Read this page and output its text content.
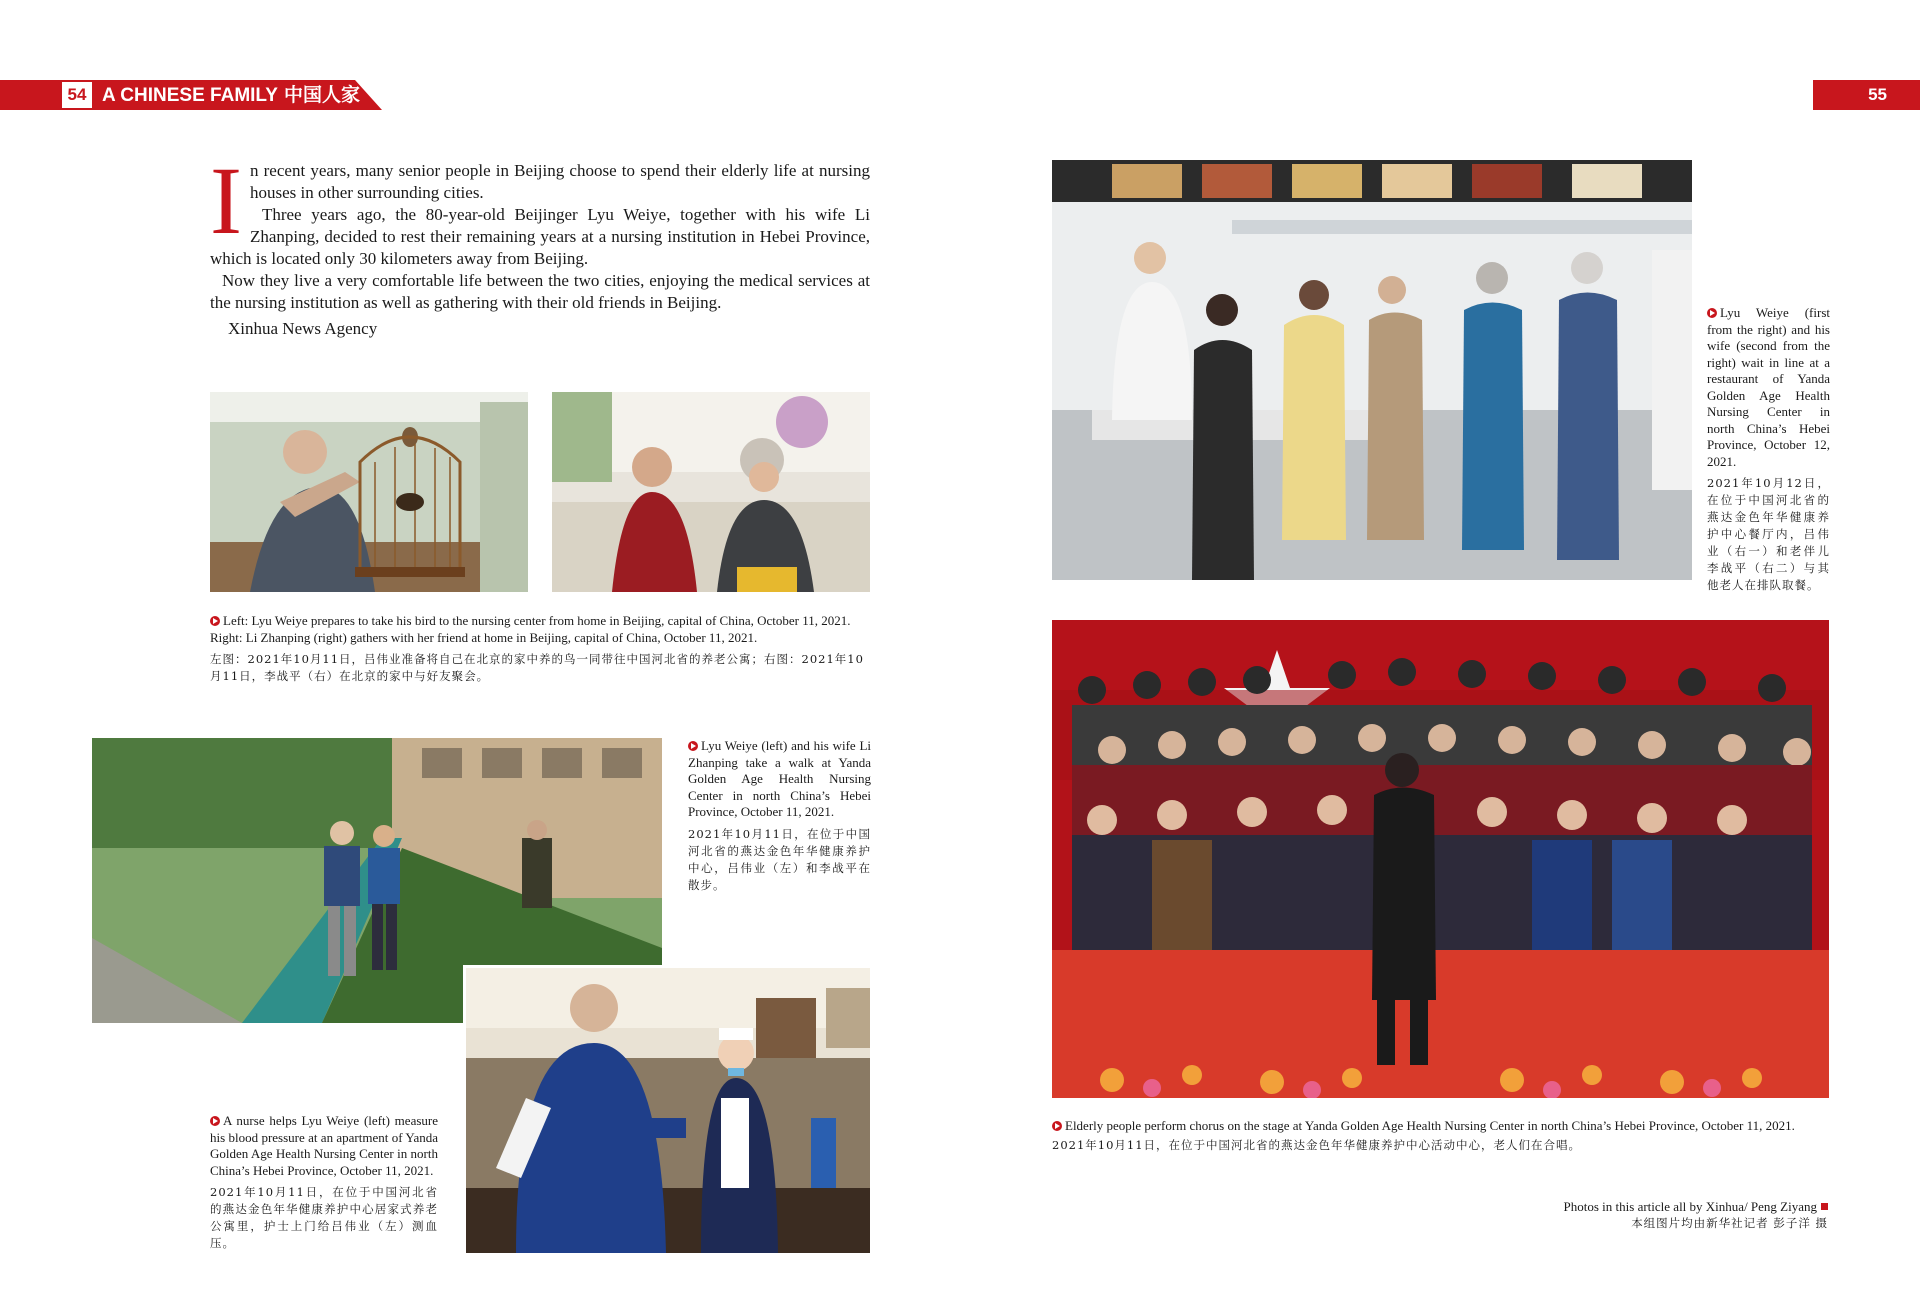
54 A CHINESE FAMILY 中国人家	55
I n recent years, many senior people in Beijing choose to spend their elderly life at nursing houses in other surrounding cities.

Three years ago, the 80-year-old Beijinger Lyu Weiye, together with his wife Li Zhanping, decided to rest their remaining years at a nursing institution in Hebei Province, which is located only 30 kilometers away from Beijing.

Now they live a very comfortable life between the two cities, enjoying the medical services at the nursing institution as well as gathering with their old friends in Beijing.

Xinhua News Agency

Left: Lyu Weiye prepares to take his bird to the nursing center from home in Beijing, capital of China, October 11, 2021.
Right: Li Zhanping (right) gathers with her friend at home in Beijing, capital of China, October 11, 2021.
左图：2021年10月11日，吕伟业准备将自己在北京的家中养的鸟一同带往中国河北省的养老公寓；右图：2021年10月11日，李战平（右）在北京的家中与好友聚会。
Lyu Weiye (left) and his wife Li Zhanping take a walk at Yanda Golden Age Health Nursing Center in north China’s Hebei Province, October 11, 2021.
2021年10月11日，在位于中国河北省的燕达金色年华健康养护中心，吕伟业（左）和李战平在散步。
A nurse helps Lyu Weiye (left) measure his blood pressure at an apartment of Yanda Golden Age Health Nursing Center in north China’s Hebei Province, October 11, 2021.
2021年10月11日，在位于中国河北省的燕达金色年华健康养护中心居家式养老公寓里，护士上门给吕伟业（左）测血压。
Lyu Weiye (first from the right) and his wife (second from the right) wait in line at a restaurant of Yanda Golden Age Health Nursing Center in north China’s Hebei Province, October 12, 2021.
2021年10月12日，在位于中国河北省的燕达金色年华健康养护中心餐厅内，吕伟业（右一）和老伴儿李战平（右二）与其他老人在排队取餐。
Elderly people perform chorus on the stage at Yanda Golden Age Health Nursing Center in north China’s Hebei Province, October 11, 2021.
2021年10月11日，在位于中国河北省的燕达金色年华健康养护中心活动中心，老人们在合唱。
Photos in this article all by Xinhua/ Peng Ziyang
本组图片均由新华社记者 彭子洋 摄
